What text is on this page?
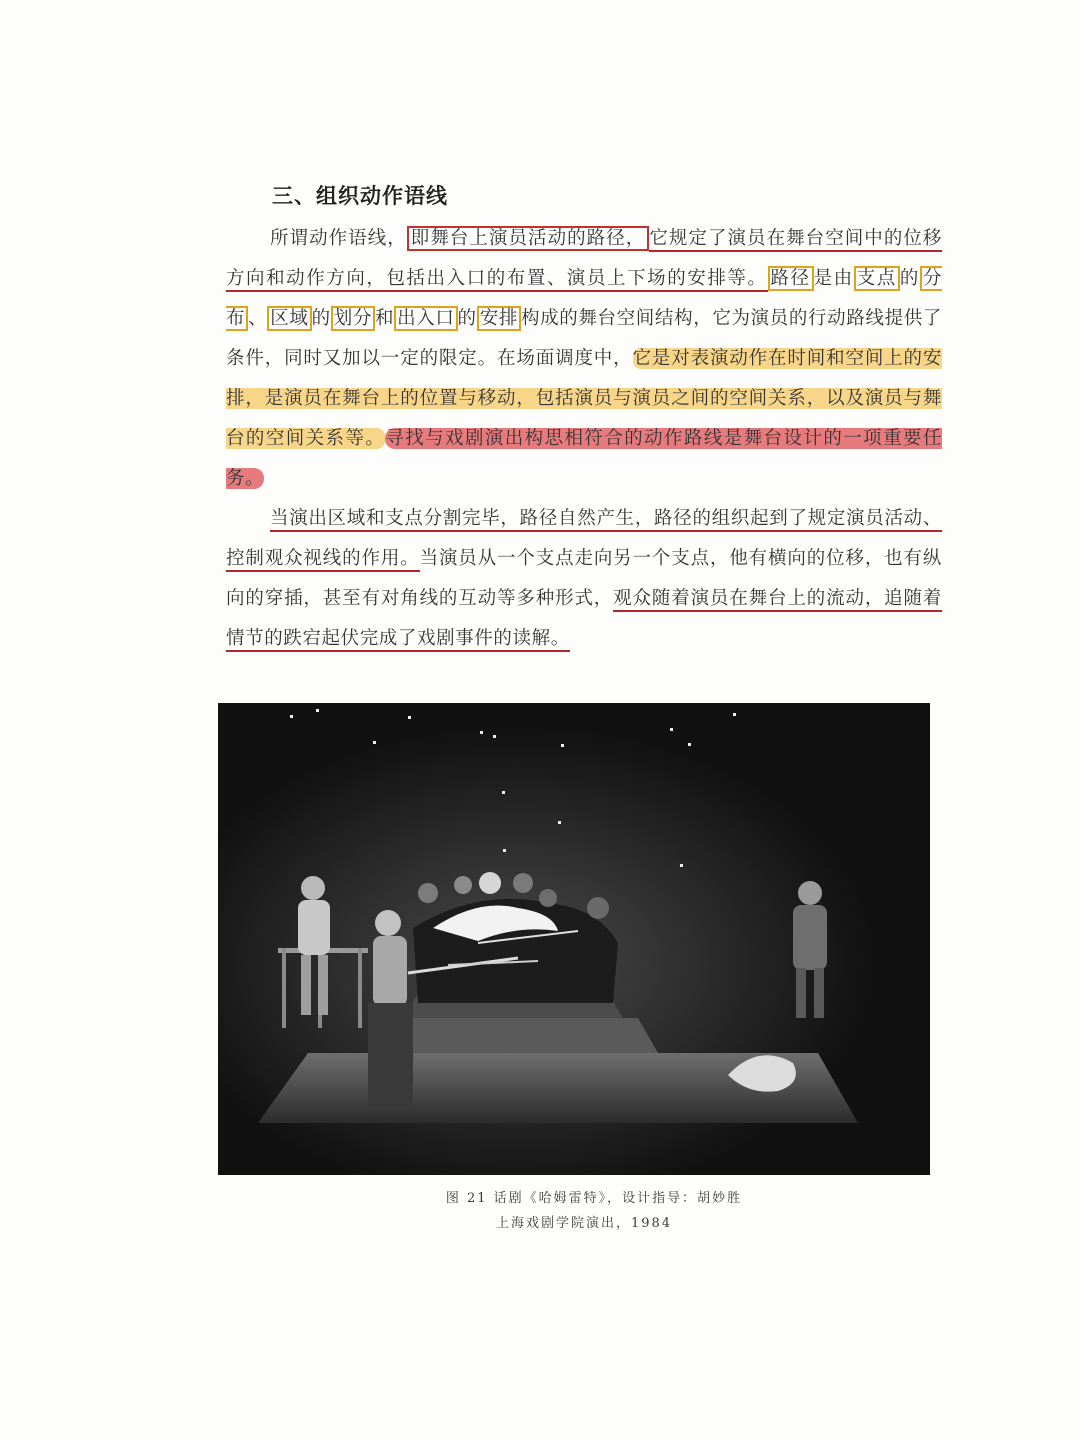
三、组织动作语线
所谓动作语线， 即舞台上演员活动的路径， 它规定了演员在舞台空间中的位移方向和动作方向，包括出入口的布置、演员上下场的安排等。 路径 是由 支点 的 分布 、 区域 的 划分 和 出入口 的 安排 构成的舞台空间结构，它为演员的行动路线提供了条件，同时又加以一定的限定。在场面调度中，它是对表演动作在时间和空间上的安排，是演员在舞台上的位置与移动，包括演员与演员之间的空间关系，以及演员与舞台的空间关系等。寻找与戏剧演出构思相符合的动作路线是舞台设计的一项重要任务。
当演出区域和支点分割完毕，路径自然产生，路径的组织起到了规定演员活动、控制观众视线的作用。当演员从一个支点走向另一个支点，他有横向的位移，也有纵向的穿插，甚至有对角线的互动等多种形式，观众随着演员在舞台上的流动，追随着情节的跌宕起伏完成了戏剧事件的读解。
图 21 话剧《哈姆雷特》，设计指导：胡妙胜
上海戏剧学院演出，1984
